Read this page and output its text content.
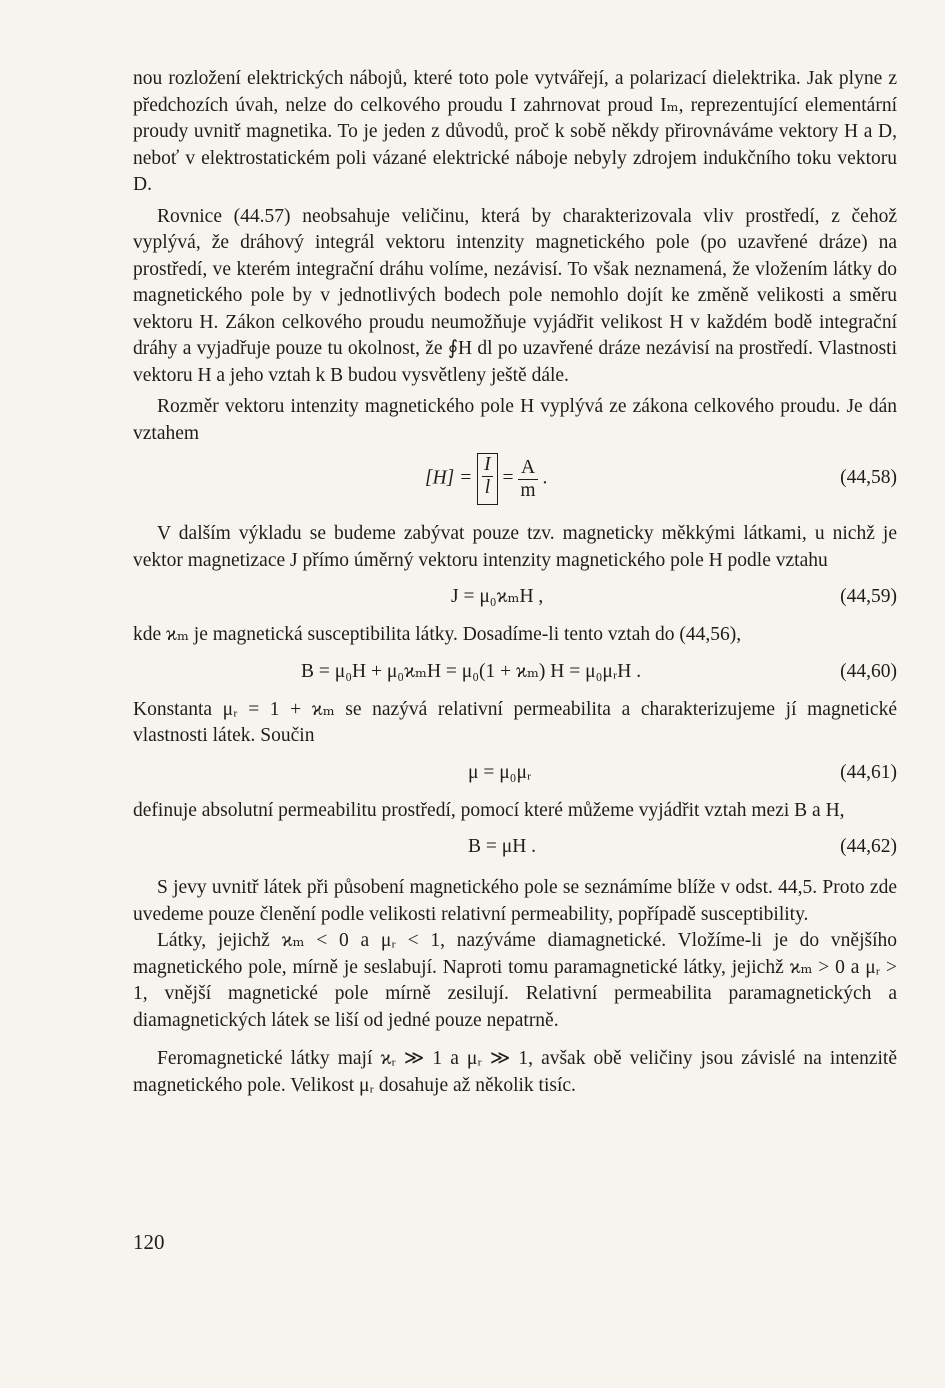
nou rozložení elektrických nábojů, které toto pole vytvářejí, a polarizací dielektrika. Jak plyne z předchozích úvah, nelze do celkového proudu I zahrnovat proud Iₘ, reprezentující elementární proudy uvnitř magnetika. To je jeden z důvodů, proč k sobě někdy přirovnáváme vektory H a D, neboť v elektrostatickém poli vázané elektrické náboje nebyly zdrojem indukčního toku vektoru D.

Rovnice (44.57) neobsahuje veličinu, která by charakterizovala vliv prostředí, z čehož vyplývá, že dráhový integrál vektoru intenzity magnetického pole (po uzavřené dráze) na prostředí, ve kterém integrační dráhu volíme, nezávisí. To však neznamená, že vložením látky do magnetického pole by v jednotlivých bodech pole nemohlo dojít ke změně velikosti a směru vektoru H. Zákon celkového proudu neumožňuje vyjádřit velikost H v každém bodě integrační dráhy a vyjadřuje pouze tu okolnost, že ∮H dl po uzavřené dráze nezávisí na prostředí. Vlastnosti vektoru H a jeho vztah k B budou vysvětleny ještě dále.

Rozměr vektoru intenzity magnetického pole H vyplývá ze zákona celkového proudu. Je dán vztahem

$[H] = \frac{I}{l} = \frac{A}{m}$ .	(44,58)

V dalším výkladu se budeme zabývat pouze tzv. magneticky měkkými látkami, u nichž je vektor magnetizace J přímo úměrný vektoru intenzity magnetického pole H podle vztahu

J = μ₀ϰₘH ,	(44,59)

kde ϰₘ je magnetická susceptibilita látky. Dosadíme-li tento vztah do (44,56),

B = μ₀H + μ₀ϰₘH = μ₀(1 + ϰₘ) H = μ₀μᵣH .	(44,60)

Konstanta μᵣ = 1 + ϰₘ se nazývá relativní permeabilita a charakterizujeme jí magnetické vlastnosti látek. Součin

μ = μ₀μᵣ	(44,61)

definuje absolutní permeabilitu prostředí, pomocí které můžeme vyjádřit vztah mezi B a H,

B = μH .	(44,62)

S jevy uvnitř látek při působení magnetického pole se seznámíme blíže v odst. 44,5. Proto zde uvedeme pouze členění podle velikosti relativní permeability, popřípadě susceptibility.

Látky, jejichž ϰₘ < 0 a μᵣ < 1, nazýváme diamagnetické. Vložíme-li je do vnějšího magnetického pole, mírně je seslabují. Naproti tomu paramagnetické látky, jejichž ϰₘ > 0 a μᵣ > 1, vnější magnetické pole mírně zesilují. Relativní permeabilita paramagnetických a diamagnetických látek se liší od jedné pouze nepatrně.

Feromagnetické látky mají ϰᵣ ≫ 1 a μᵣ ≫ 1, avšak obě veličiny jsou závislé na intenzitě magnetického pole. Velikost μᵣ dosahuje až několik tisíc.

120
